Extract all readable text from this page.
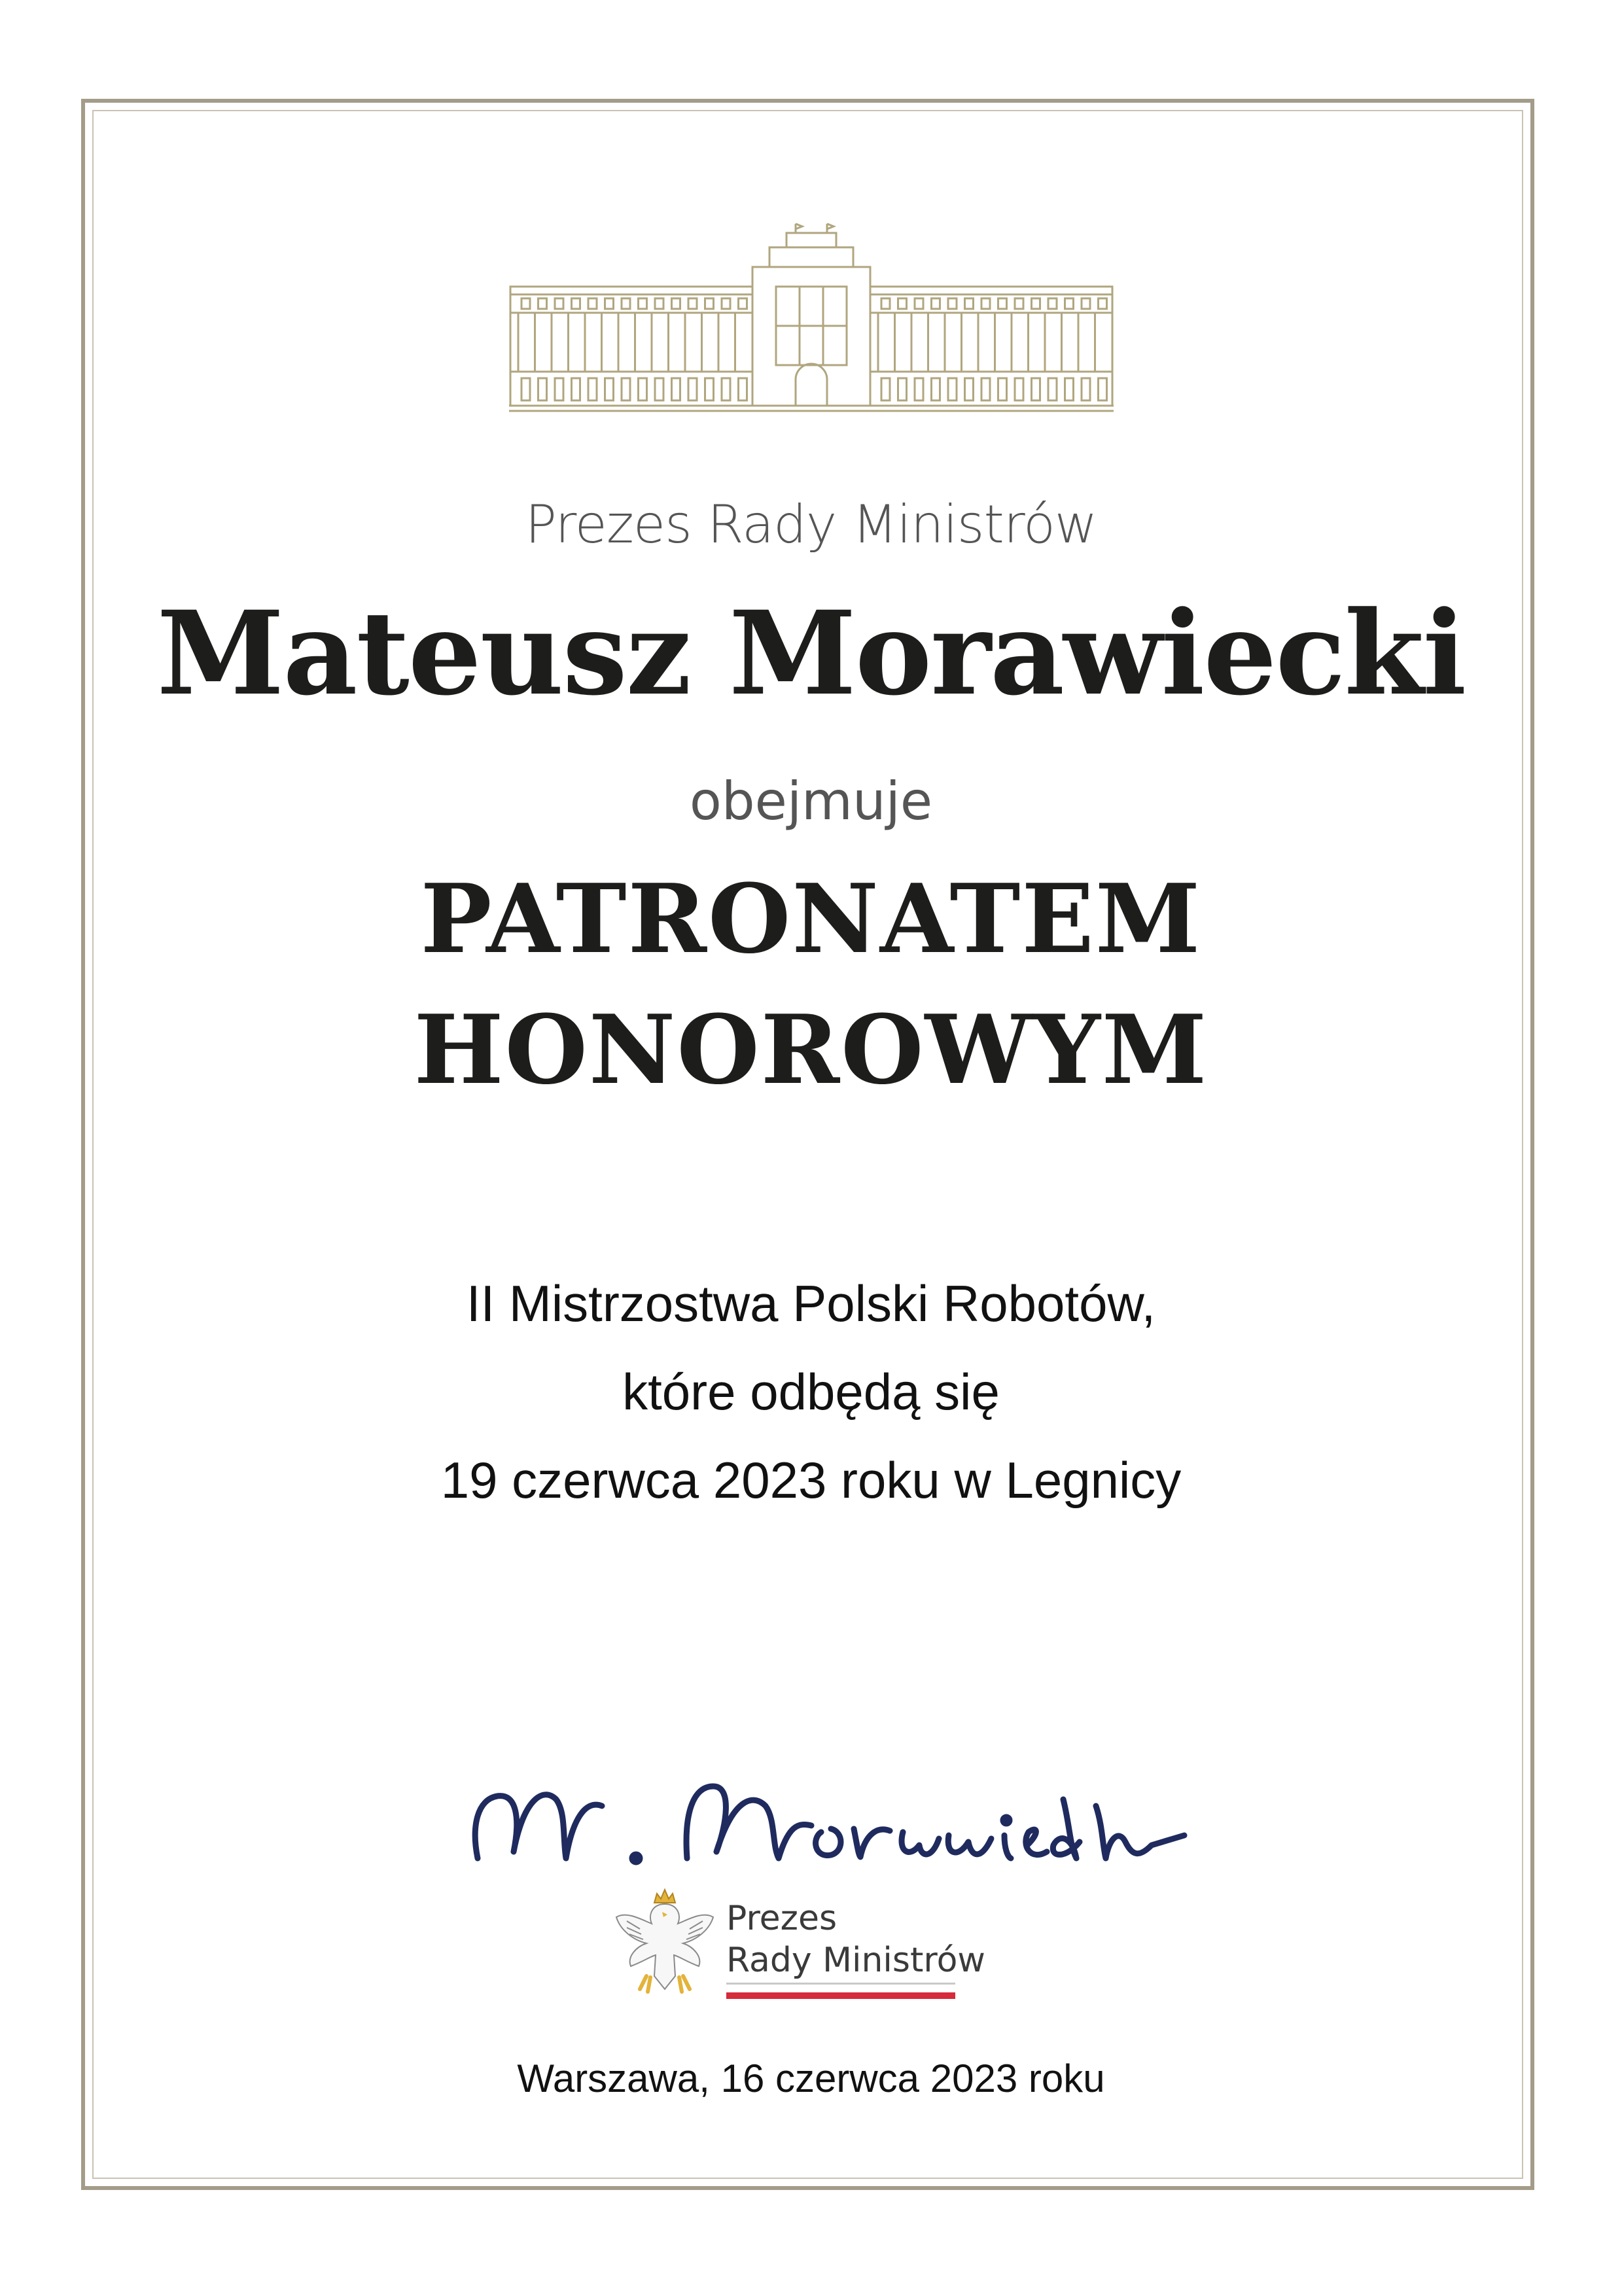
Prezes Rady Ministrów
Mateusz Morawiecki
obejmuje
PATRONATEM
HONOROWYM
II Mistrzostwa Polski Robotów,
które odbędą się
19 czerwca 2023 roku w Legnicy
Prezes
Rady Ministrów
Warszawa, 16 czerwca 2023 roku
